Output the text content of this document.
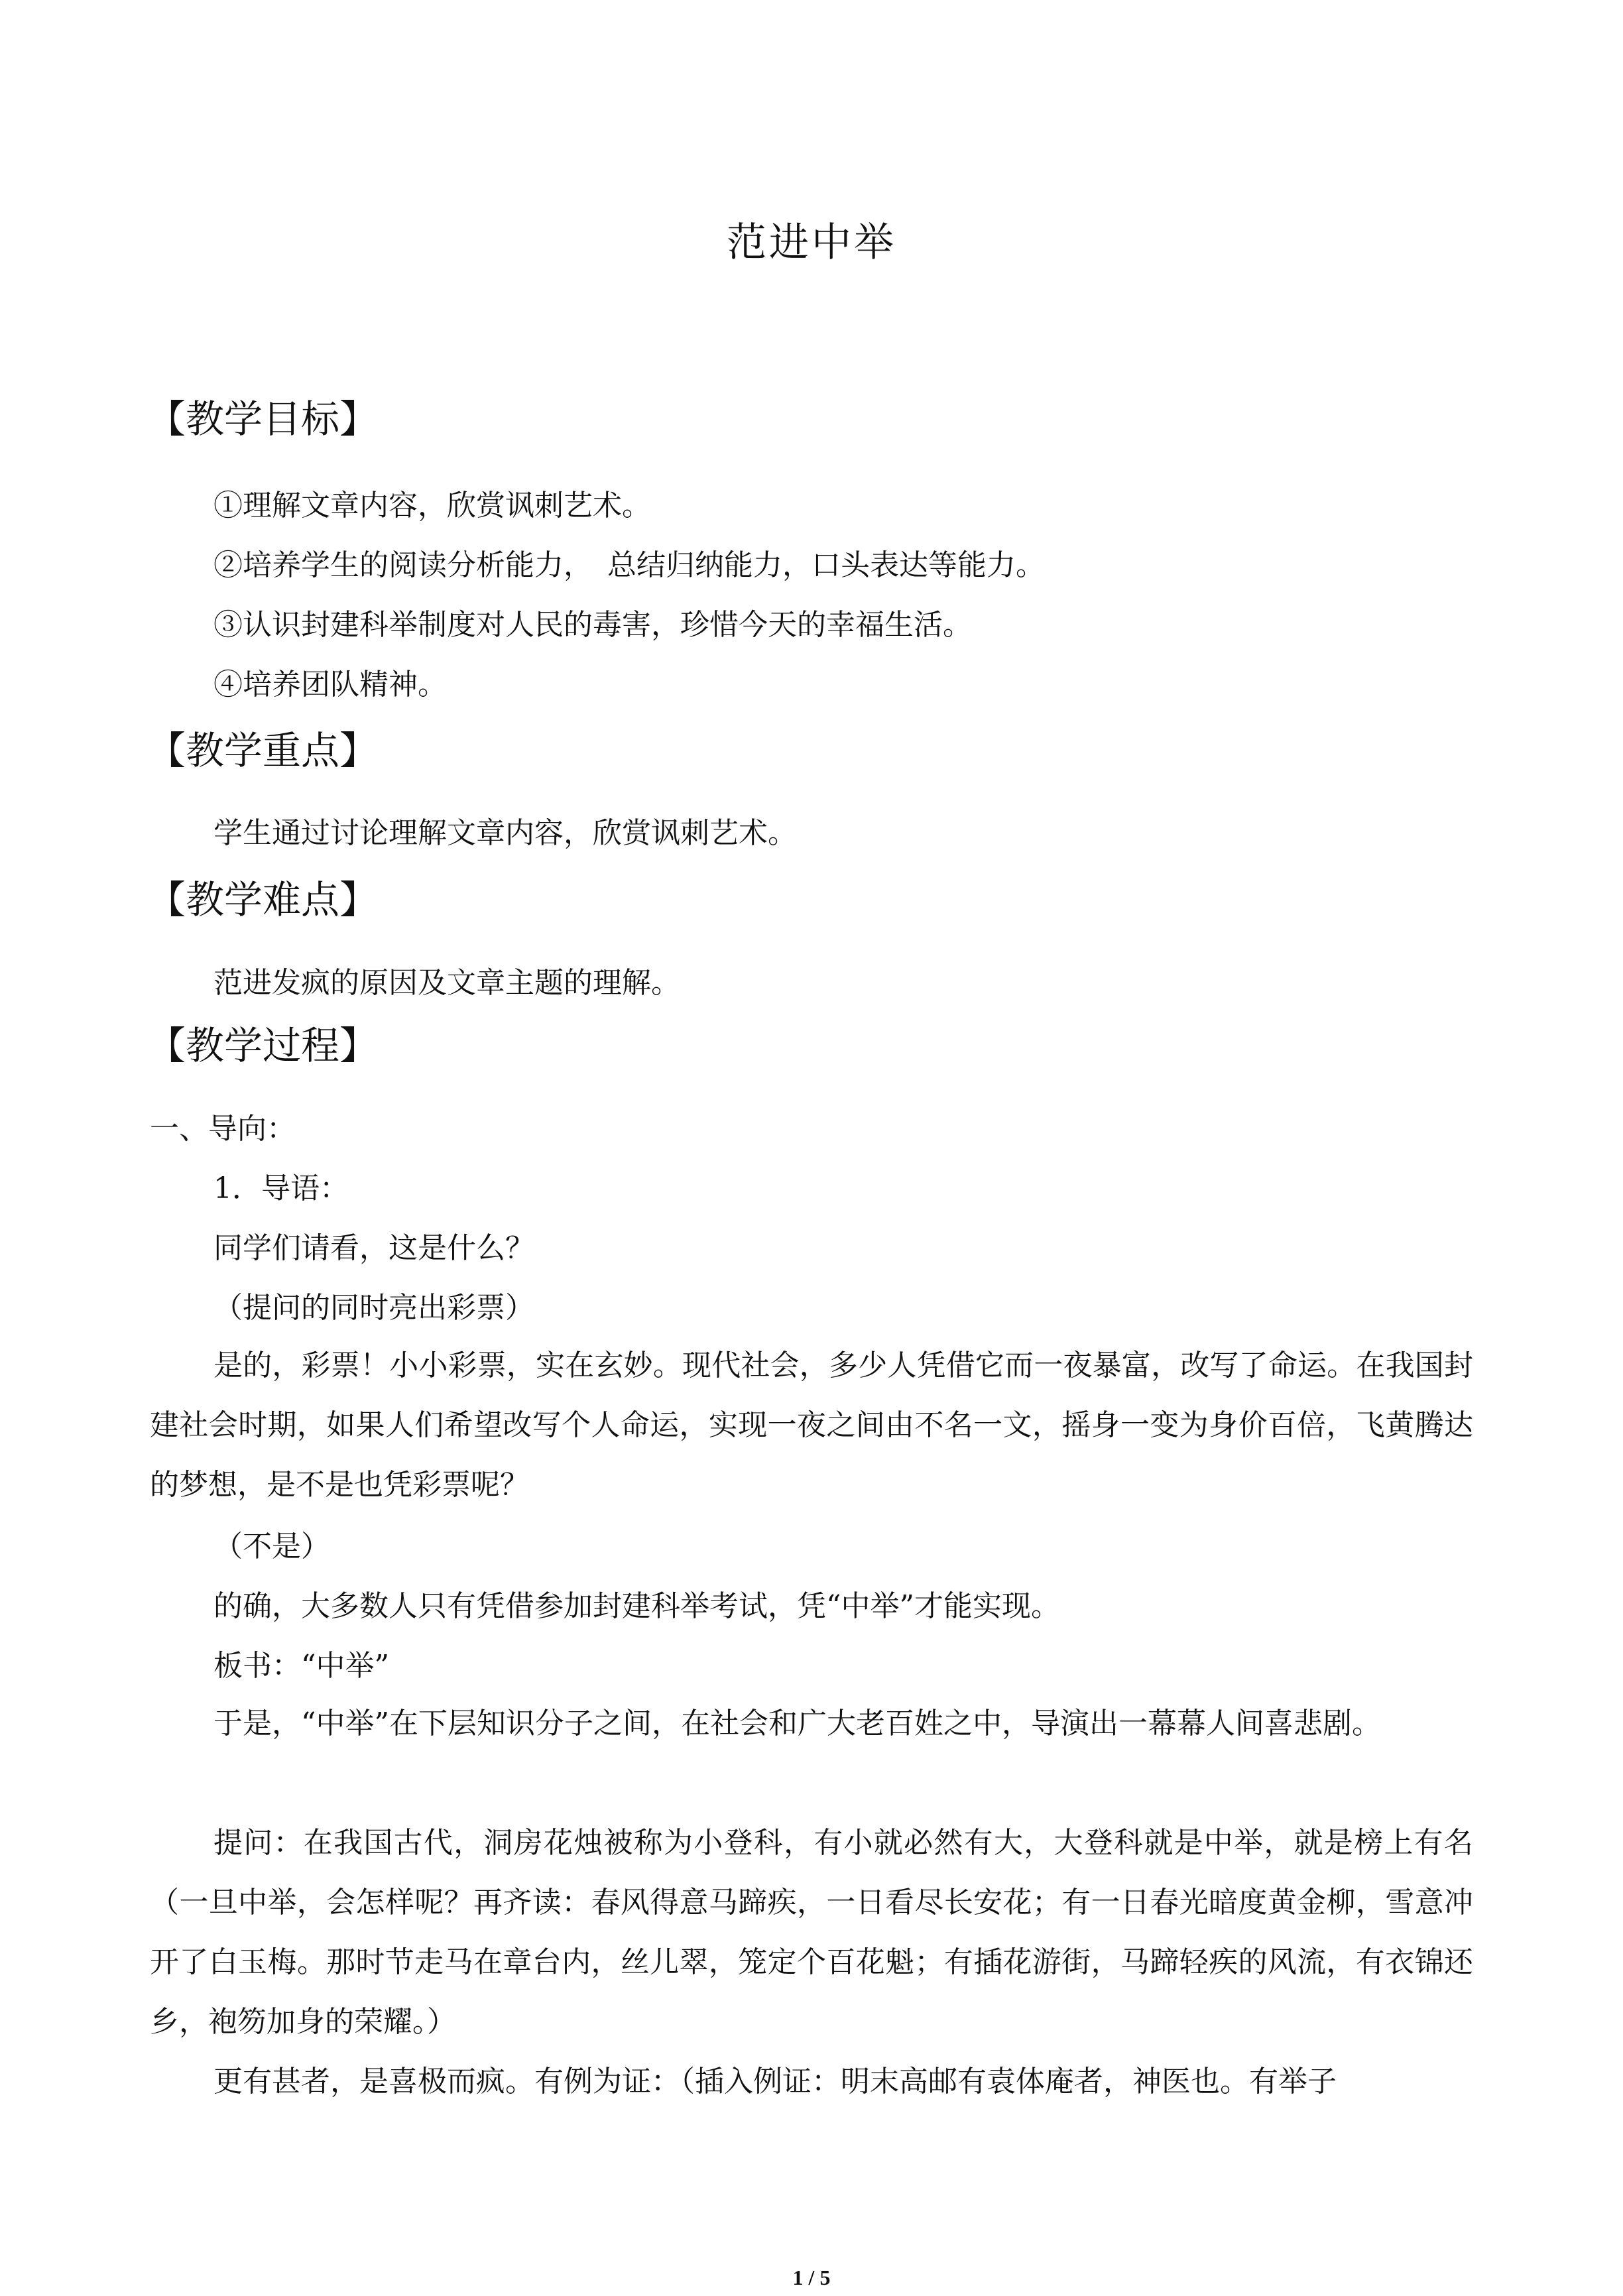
范进中举
【教学目标】
①理解文章内容，欣赏讽刺艺术。
②培养学生的阅读分析能力，　总结归纳能力，口头表达等能力。
③认识封建科举制度对人民的毒害，珍惜今天的幸福生活。
④培养团队精神。
【教学重点】
学生通过讨论理解文章内容，欣赏讽刺艺术。
【教学难点】
范进发疯的原因及文章主题的理解。
【教学过程】
一、导向：
1．导语：
同学们请看，这是什么？
（提问的同时亮出彩票）
是的，彩票！小小彩票，实在玄妙。现代社会，多少人凭借它而一夜暴富，改写了命运。在我国封建社会时期，如果人们希望改写个人命运，实现一夜之间由不名一文，摇身一变为身价百倍，飞黄腾达的梦想，是不是也凭彩票呢？
（不是）
的确，大多数人只有凭借参加封建科举考试，凭“中举”才能实现。
板书：“中举”
于是，“中举”在下层知识分子之间，在社会和广大老百姓之中，导演出一幕幕人间喜悲剧。
提问：在我国古代，洞房花烛被称为小登科，有小就必然有大，大登科就是中举，就是榜上有名（一旦中举，会怎样呢？再齐读：春风得意马蹄疾，一日看尽长安花；有一日春光暗度黄金柳，雪意冲开了白玉梅。那时节走马在章台内，丝儿翠，笼定个百花魁；有插花游街，马蹄轻疾的风流，有衣锦还乡，袍笏加身的荣耀。）
更有甚者，是喜极而疯。有例为证：（插入例证：明末高邮有袁体庵者，神医也。有举子
1 / 5
